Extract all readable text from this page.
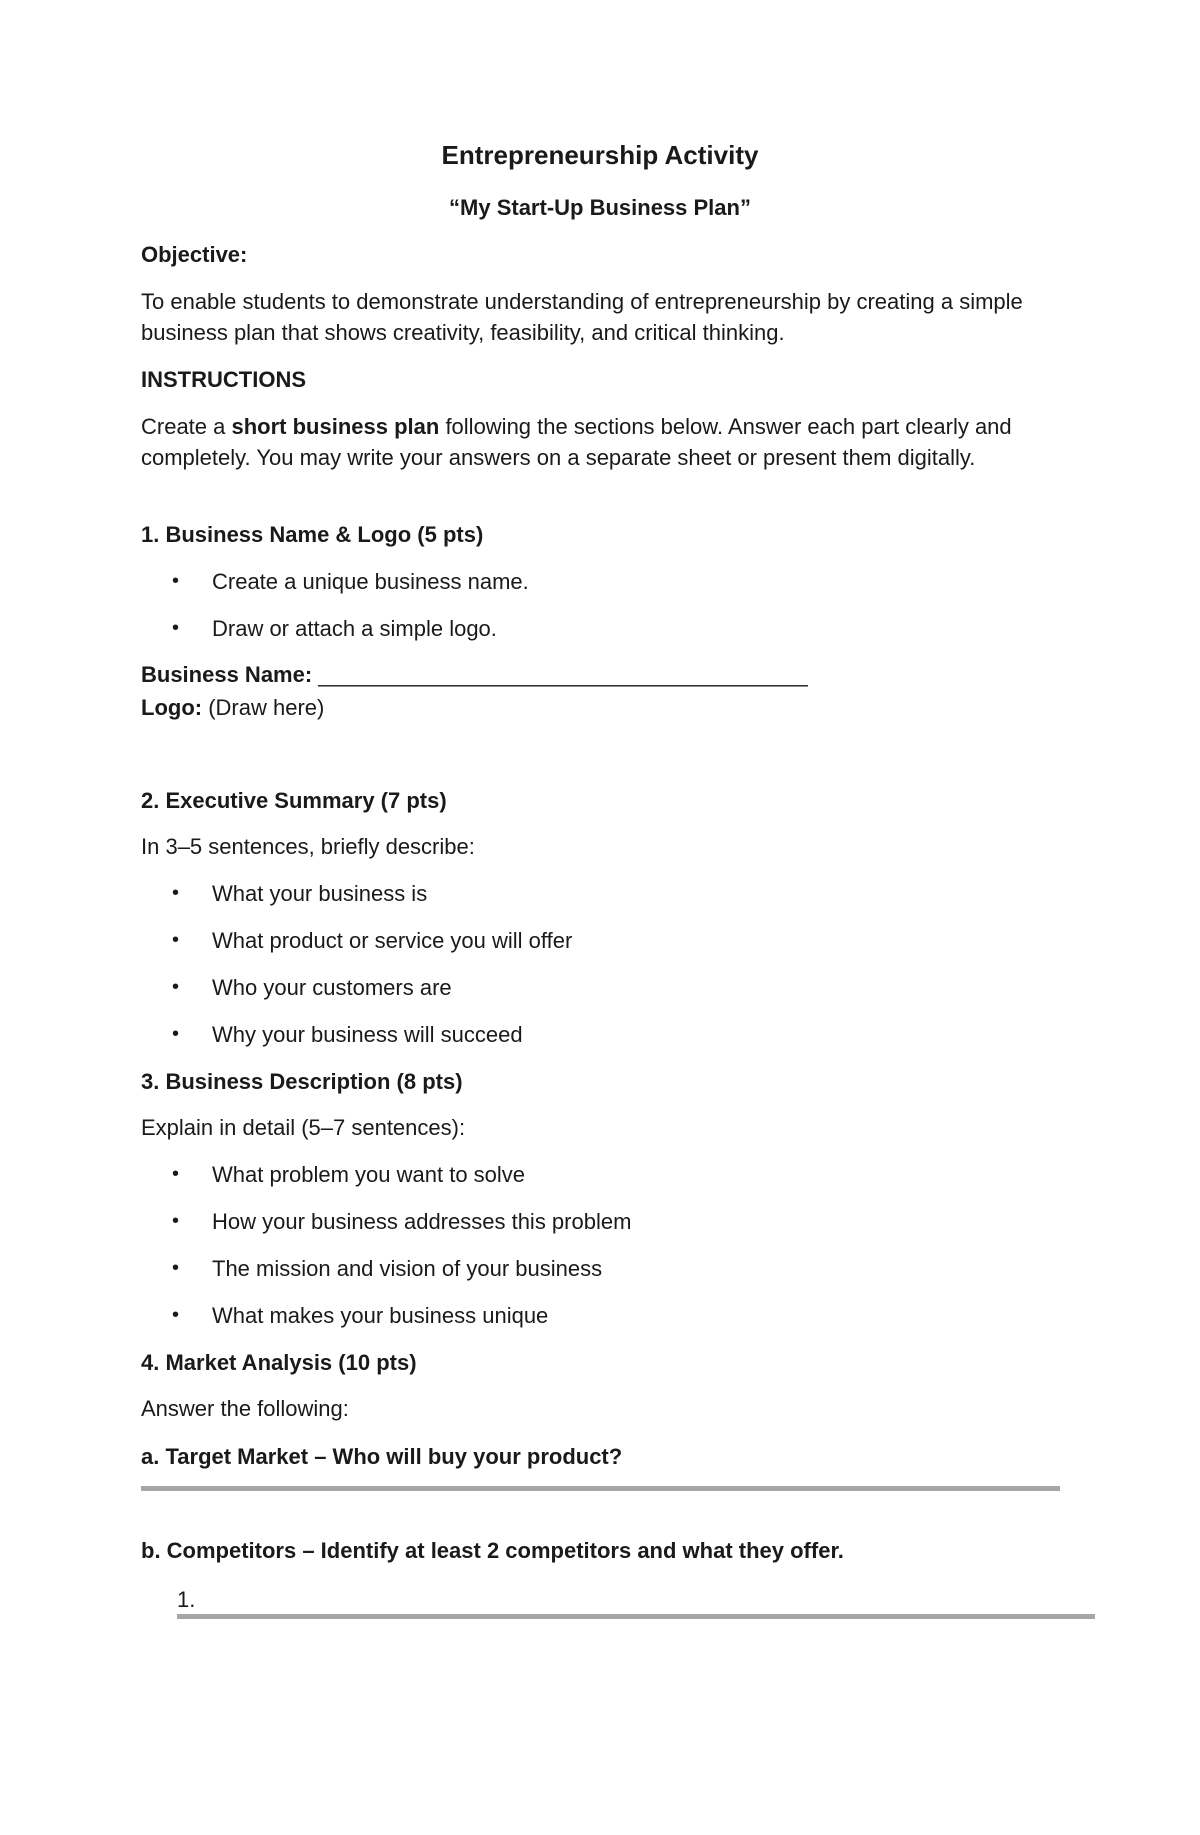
Entrepreneurship Activity
“My Start-Up Business Plan”
Objective:
To enable students to demonstrate understanding of entrepreneurship by creating a simple business plan that shows creativity, feasibility, and critical thinking.
INSTRUCTIONS
Create a short business plan following the sections below. Answer each part clearly and completely. You may write your answers on a separate sheet or present them digitally.
1. Business Name & Logo (5 pts)
• Create a unique business name.
• Draw or attach a simple logo.
Business Name: ________________________________________
Logo: (Draw here)
2. Executive Summary (7 pts)
In 3–5 sentences, briefly describe:
• What your business is
• What product or service you will offer
• Who your customers are
• Why your business will succeed
3. Business Description (8 pts)
Explain in detail (5–7 sentences):
• What problem you want to solve
• How your business addresses this problem
• The mission and vision of your business
• What makes your business unique
4. Market Analysis (10 pts)
Answer the following:
a. Target Market – Who will buy your product?
b. Competitors – Identify at least 2 competitors and what they offer.
1.
